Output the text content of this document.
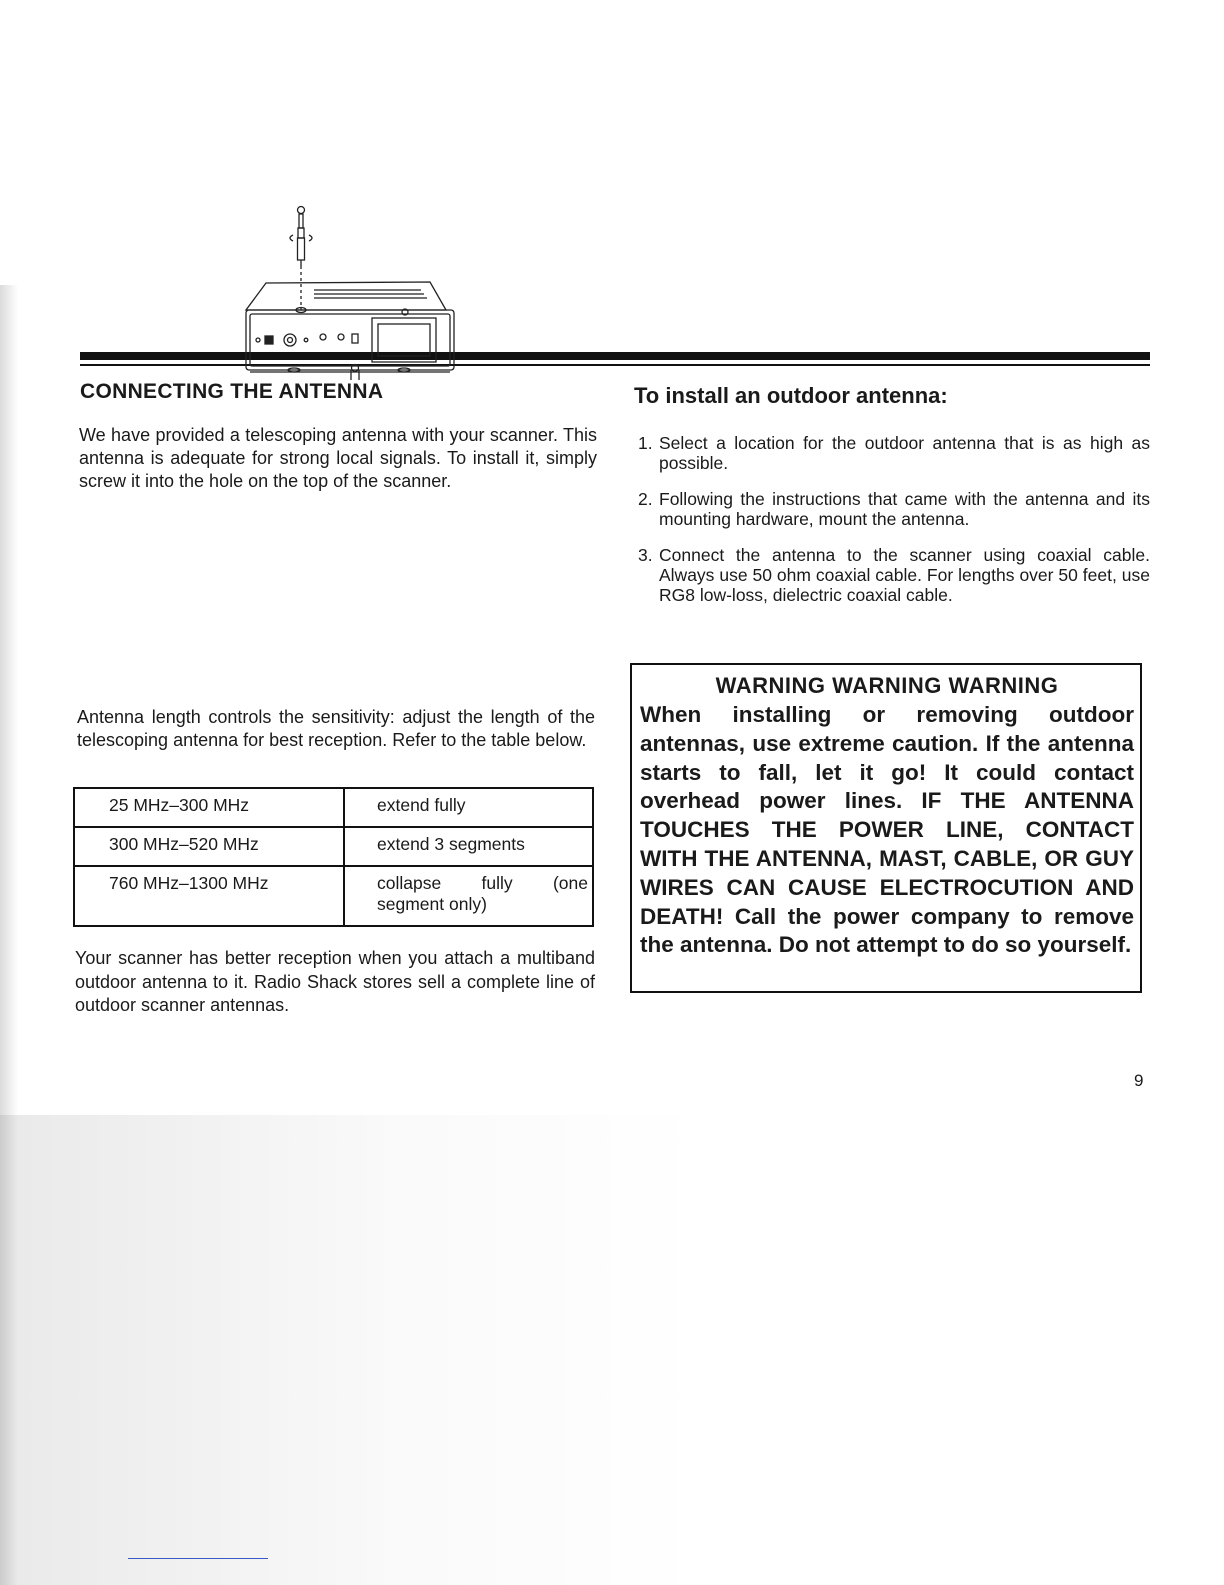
CONNECTING THE ANTENNA

We have provided a telescoping antenna with your scanner. This antenna is adequate for strong local signals. To install it, simply screw it into the hole on the top of the scanner.

Antenna length controls the sensitivity: adjust the length of the telescoping antenna for best reception. Refer to the table below.

25 MHz–300 MHz	extend fully
300 MHz–520 MHz	extend 3 segments
760 MHz–1300 MHz	collapse fully (one segment only)

Your scanner has better reception when you attach a multiband outdoor antenna to it. Radio Shack stores sell a complete line of outdoor scanner antennas.

To install an outdoor antenna:
1. Select a location for the outdoor antenna that is as high as possible.
2. Following the instructions that came with the antenna and its mounting hardware, mount the antenna.
3. Connect the antenna to the scanner using coaxial cable. Always use 50 ohm coaxial cable. For lengths over 50 feet, use RG8 low-loss, dielectric coaxial cable.

WARNING WARNING WARNING

When installing or removing outdoor antennas, use extreme caution. If the antenna starts to fall, let it go! It could contact overhead power lines. IF THE ANTENNA TOUCHES THE POWER LINE, CONTACT WITH THE ANTENNA, MAST, CABLE, OR GUY WIRES CAN CAUSE ELECTROCUTION AND DEATH! Call the power company to remove the antenna. Do not attempt to do so yourself.

9
